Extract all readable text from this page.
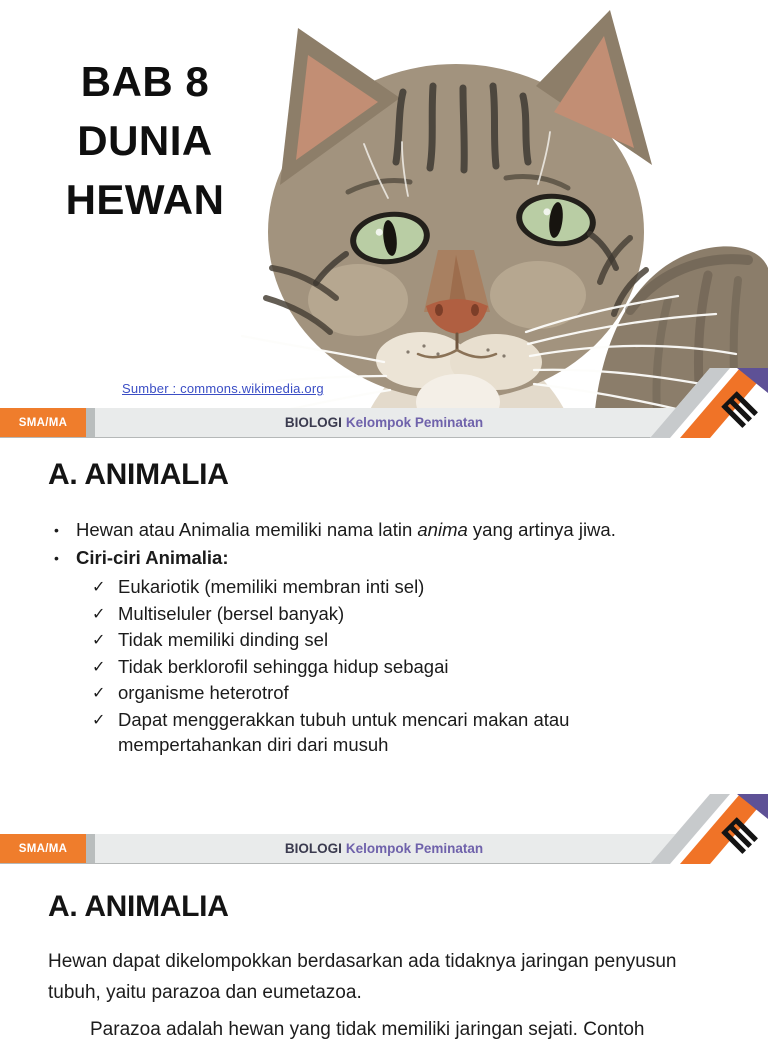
BAB 8
DUNIA
HEWAN
Sumber : commons.wikimedia.org
SMA/MA	BIOLOGI Kelompok Peminatan
A. ANIMALIA
• Hewan atau Animalia memiliki nama latin anima yang artinya jiwa.
• Ciri-ciri Animalia:
✓ Eukariotik (memiliki membran inti sel)
✓ Multiseluler (bersel banyak)
✓ Tidak memiliki dinding sel
✓ Tidak berklorofil sehingga hidup sebagai
✓ organisme heterotrof
✓ Dapat menggerakkan tubuh untuk mencari makan atau mempertahankan diri dari musuh
SMA/MA	BIOLOGI Kelompok Peminatan
A. ANIMALIA

Hewan dapat dikelompokkan berdasarkan ada tidaknya jaringan penyusun tubuh, yaitu parazoa dan eumetazoa.

Parazoa adalah hewan yang tidak memiliki jaringan sejati. Contoh
